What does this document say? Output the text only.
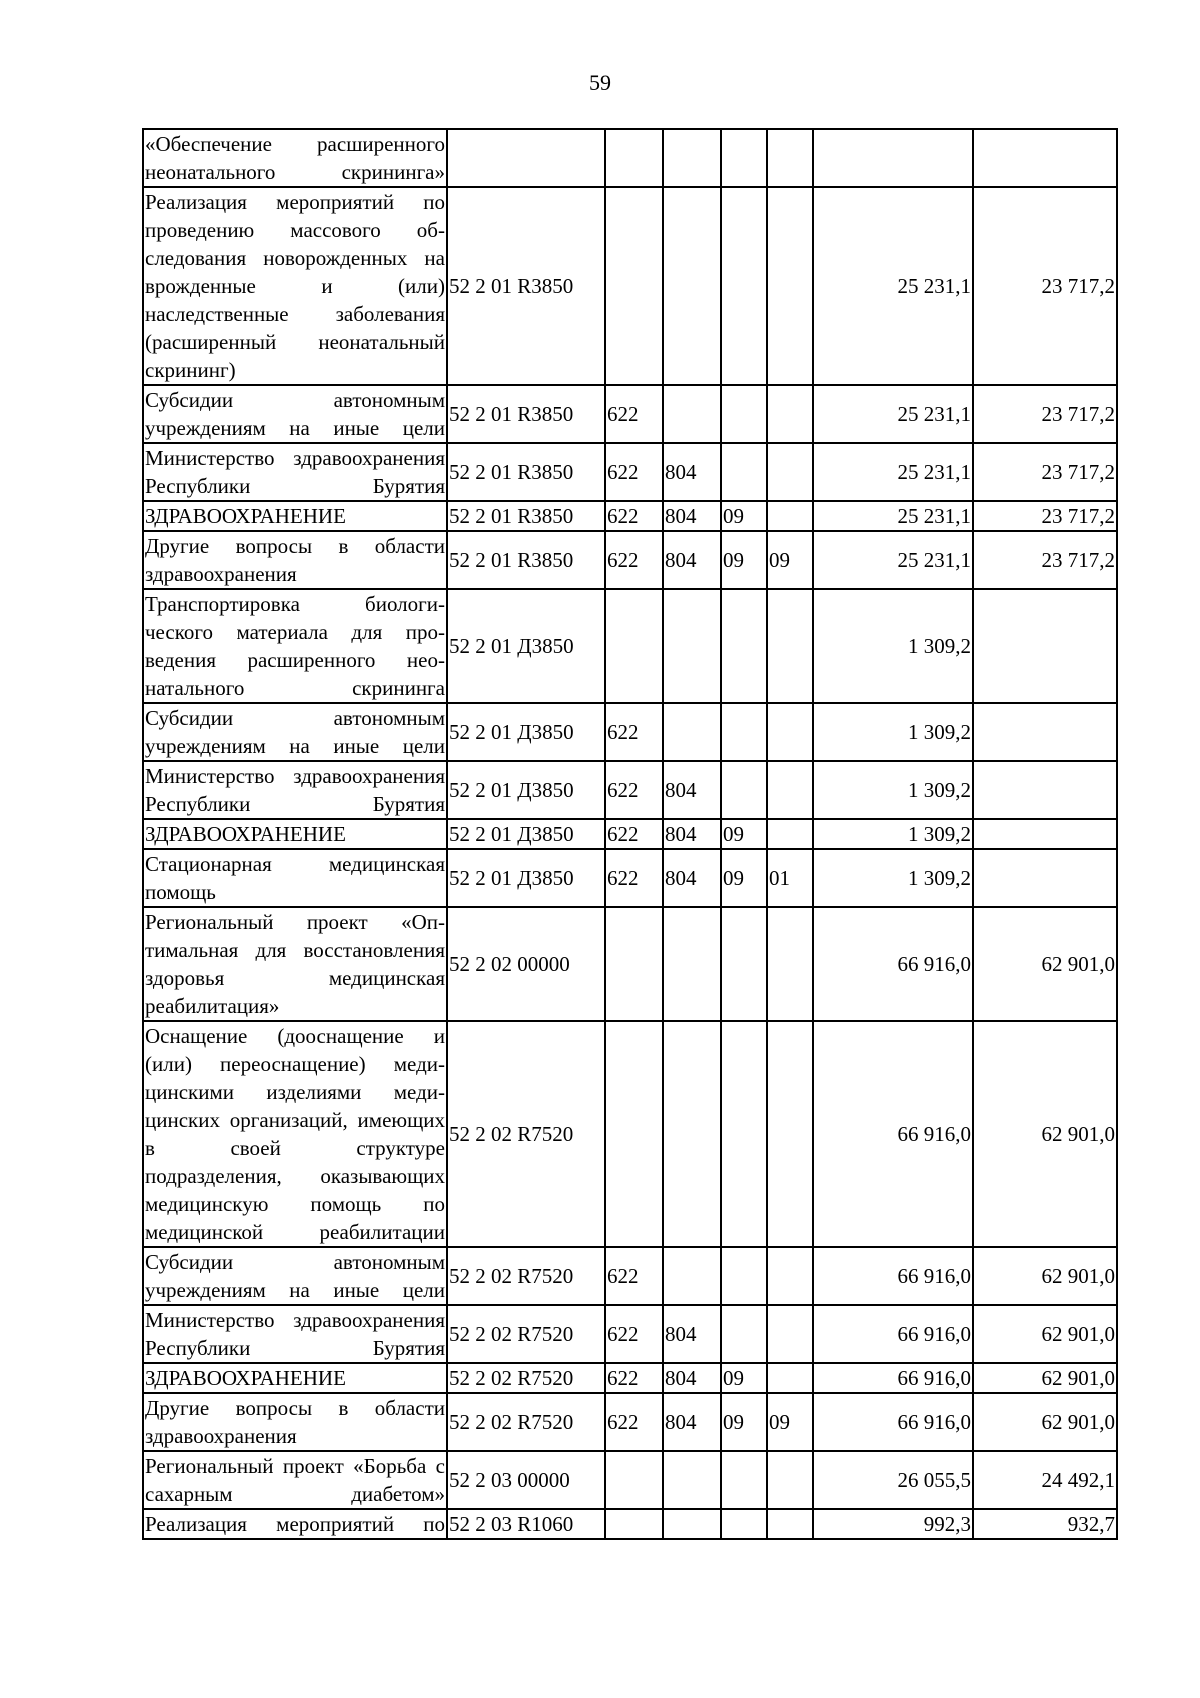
59
«Обеспечение расширенного неонатального скрининга»							
Реализация мероприятий по проведению массового обследования новорожденных на врожденные и (или) наследственные заболевания (расширенный неонатальный скрининг)	52 2 01 R3850					25 231,1	23 717,2
Субсидии автономным учреждениям на иные цели	52 2 01 R3850	622				25 231,1	23 717,2
Министерство здравоохранения Республики Бурятия	52 2 01 R3850	622	804			25 231,1	23 717,2
ЗДРАВООХРАНЕНИЕ	52 2 01 R3850	622	804	09		25 231,1	23 717,2
Другие вопросы в области здравоохранения	52 2 01 R3850	622	804	09	09	25 231,1	23 717,2
Транспортировка биологического материала для проведения расширенного неонатального скрининга	52 2 01 Д3850					1 309,2	
Субсидии автономным учреждениям на иные цели	52 2 01 Д3850	622				1 309,2	
Министерство здравоохранения Республики Бурятия	52 2 01 Д3850	622	804			1 309,2	
ЗДРАВООХРАНЕНИЕ	52 2 01 Д3850	622	804	09		1 309,2	
Стационарная медицинская помощь	52 2 01 Д3850	622	804	09	01	1 309,2	
Региональный проект «Оптимальная для восстановления здоровья медицинская реабилитация»	52 2 02 00000					66 916,0	62 901,0
Оснащение (дооснащение и (или) переоснащение) медицинскими изделиями медицинских организаций, имеющих в своей структуре подразделения, оказывающих медицинскую помощь по медицинской реабилитации	52 2 02 R7520					66 916,0	62 901,0
Субсидии автономным учреждениям на иные цели	52 2 02 R7520	622				66 916,0	62 901,0
Министерство здравоохранения Республики Бурятия	52 2 02 R7520	622	804			66 916,0	62 901,0
ЗДРАВООХРАНЕНИЕ	52 2 02 R7520	622	804	09		66 916,0	62 901,0
Другие вопросы в области здравоохранения	52 2 02 R7520	622	804	09	09	66 916,0	62 901,0
Региональный проект «Борьба с сахарным диабетом»	52 2 03 00000					26 055,5	24 492,1
Реализация мероприятий по	52 2 03 R1060					992,3	932,7
